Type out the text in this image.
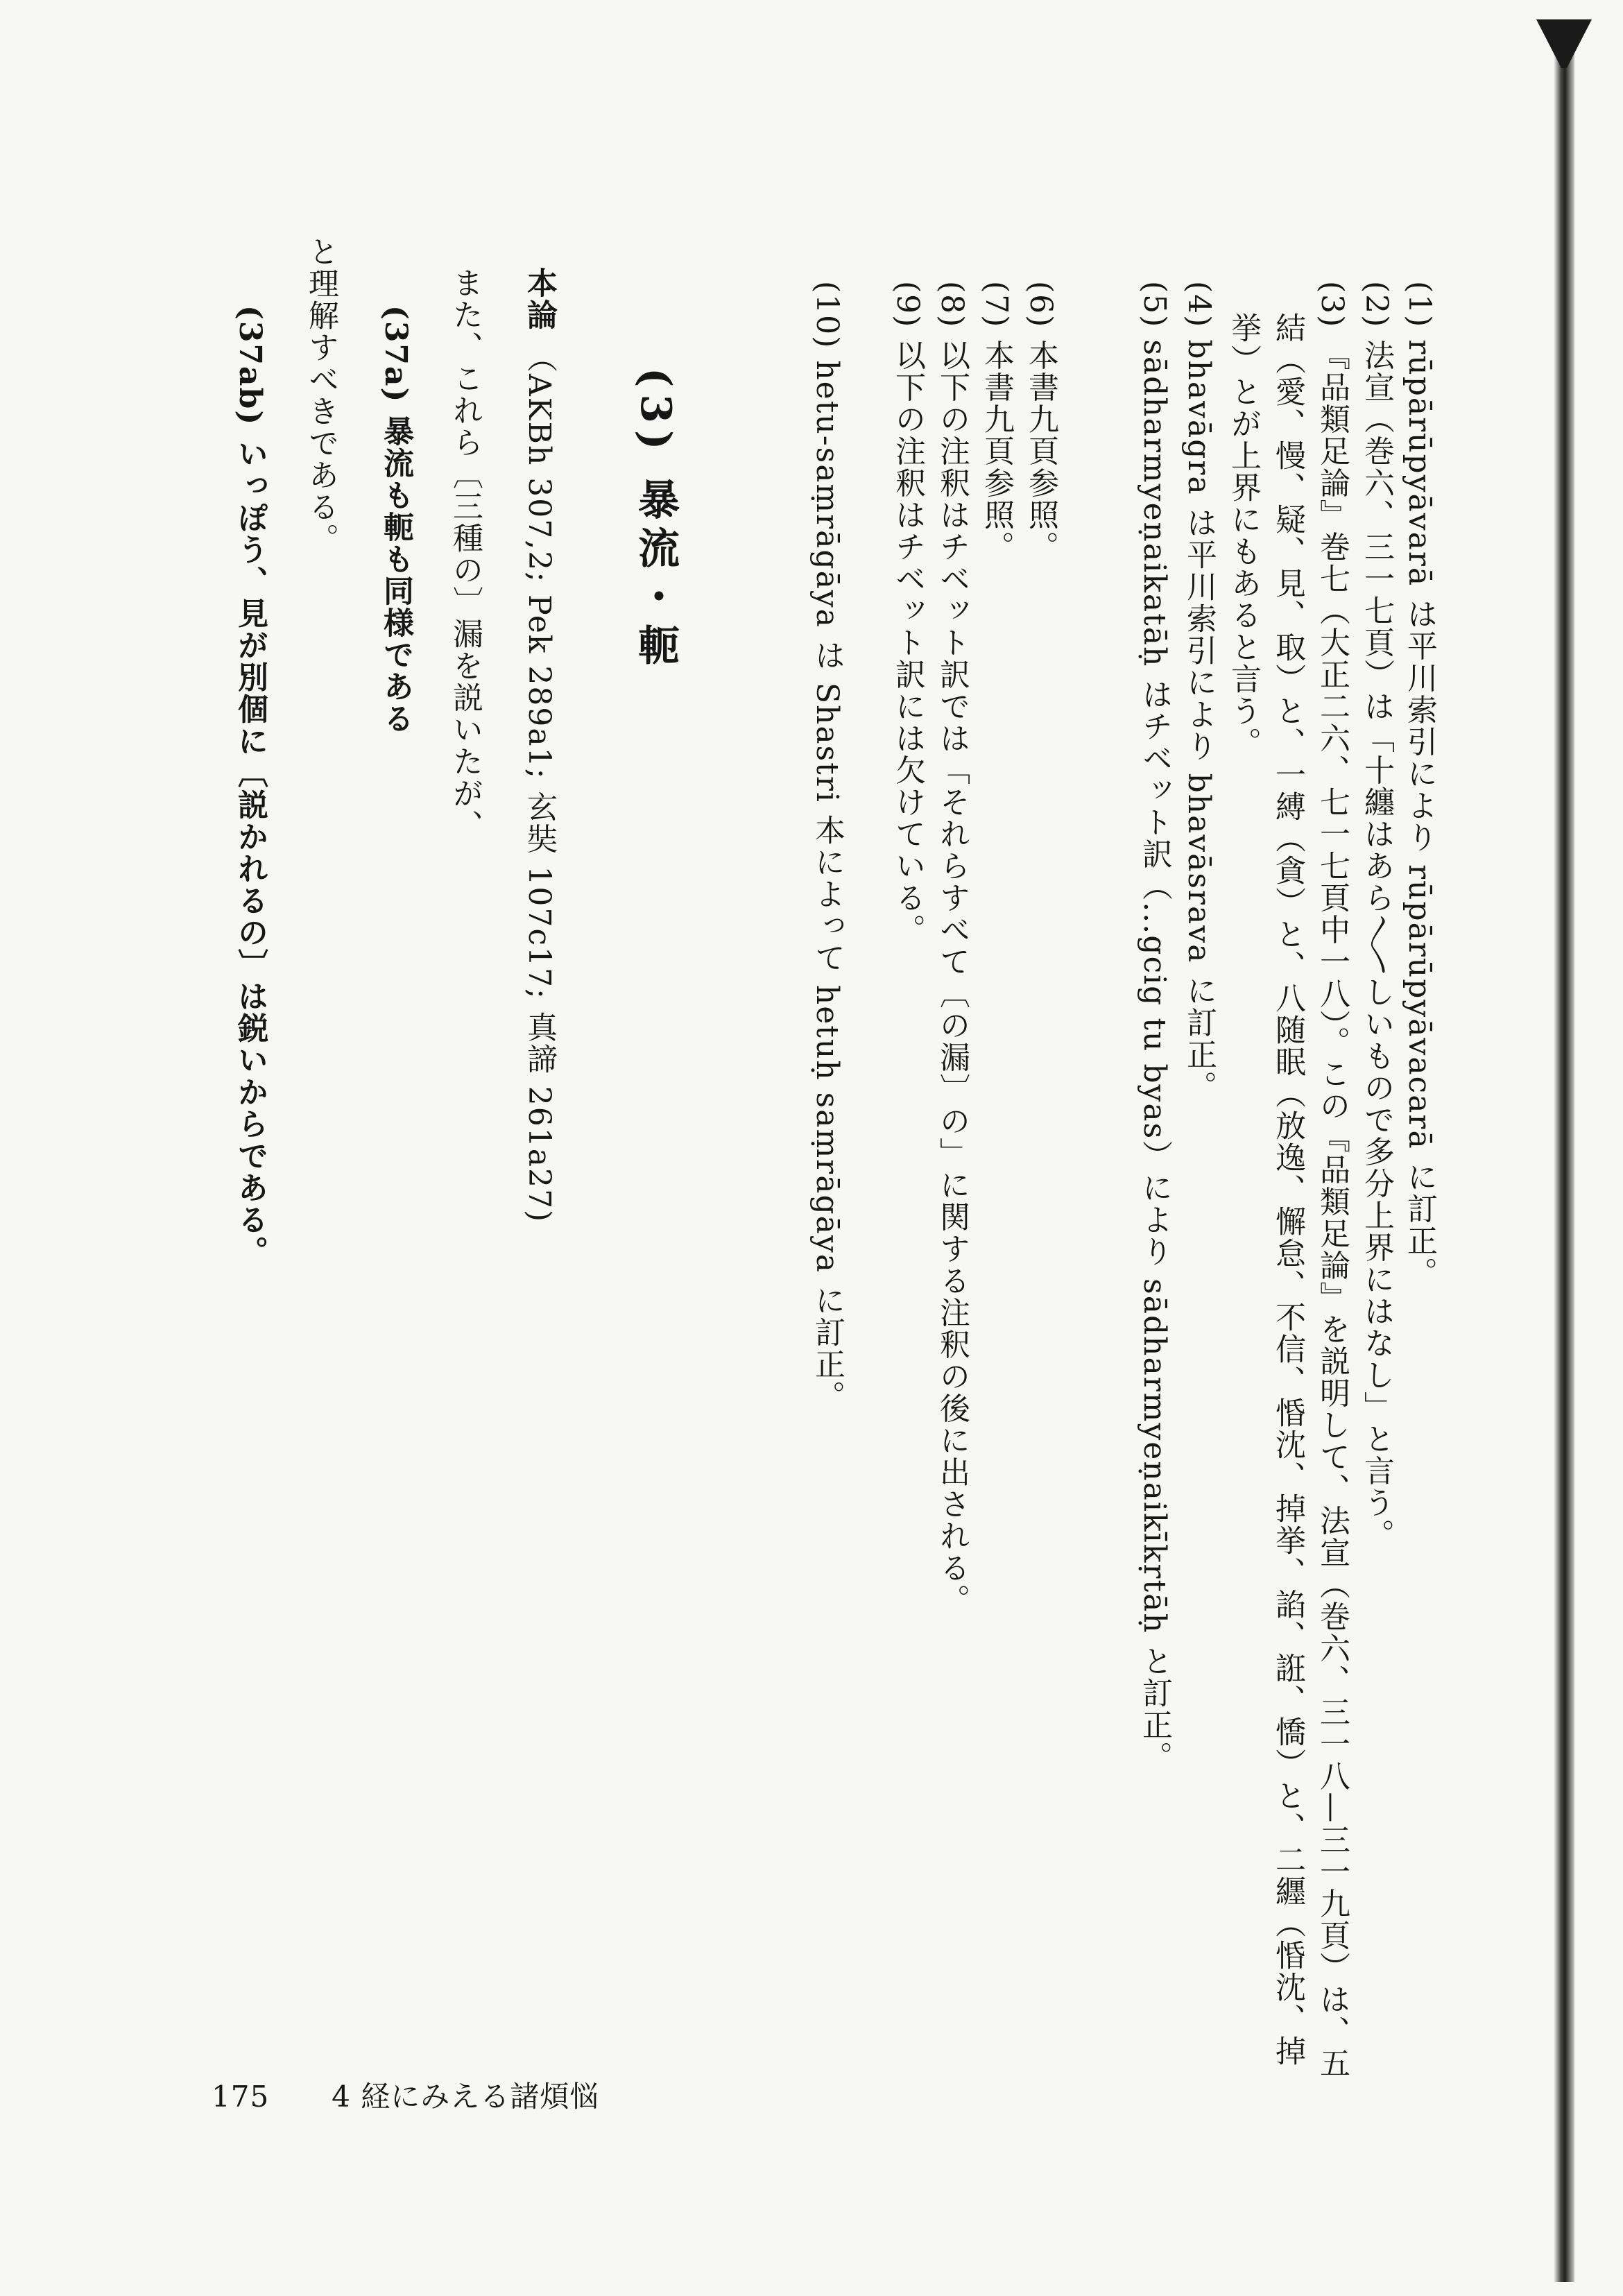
(1) rūpārūpyāvarā は平川索引により rūpārūpyāvacarā に訂正。
(2) 法宣（巻六、三一七頁）は「十纏はあら〳〵しいもので多分上界にはなし」と言う。
(3) 『品類足論』巻七（大正二六、七一七頁中一八）。この『品類足論』を説明して、法宣（巻六、三一八—三一九頁）は、五
結（愛、慢、疑、見、取）と、一縛（貪）と、八随眠（放逸、懈怠、不信、惛沈、掉挙、諂、誑、憍）と、二纒（惛沈、掉
挙）とが上界にもあると言う。
(4) bhavāgra は平川索引により bhavāsrava に訂正。
(5) sādharmyeṇaikatāḥ はチベット訳（...gcig tu byas）により sādharmyeṇaikīkṛtāḥ と訂正。
(6) 本書九頁参照。
(7) 本書九頁参照。
(8) 以下の注釈はチベット訳では「それらすべて〔の漏〕の」に関する注釈の後に出される。
(9) 以下の注釈はチベット訳には欠けている。
(10) hetu-saṃrāgāya は Shastri 本によって hetuḥ saṃrāgāya に訂正。
(3) 暴流・軛
本論 （AKBh 307,2; Pek 289a1; 玄奘 107c17; 真諦 261a27)
また、これら〔三種の〕漏を説いたが、
(37a) 暴流も軛も同様である
と理解すべきである。
(37ab) いっぽう、見が別個に〔説かれるの〕は鋭いからである。
175 4 経にみえる諸煩悩
